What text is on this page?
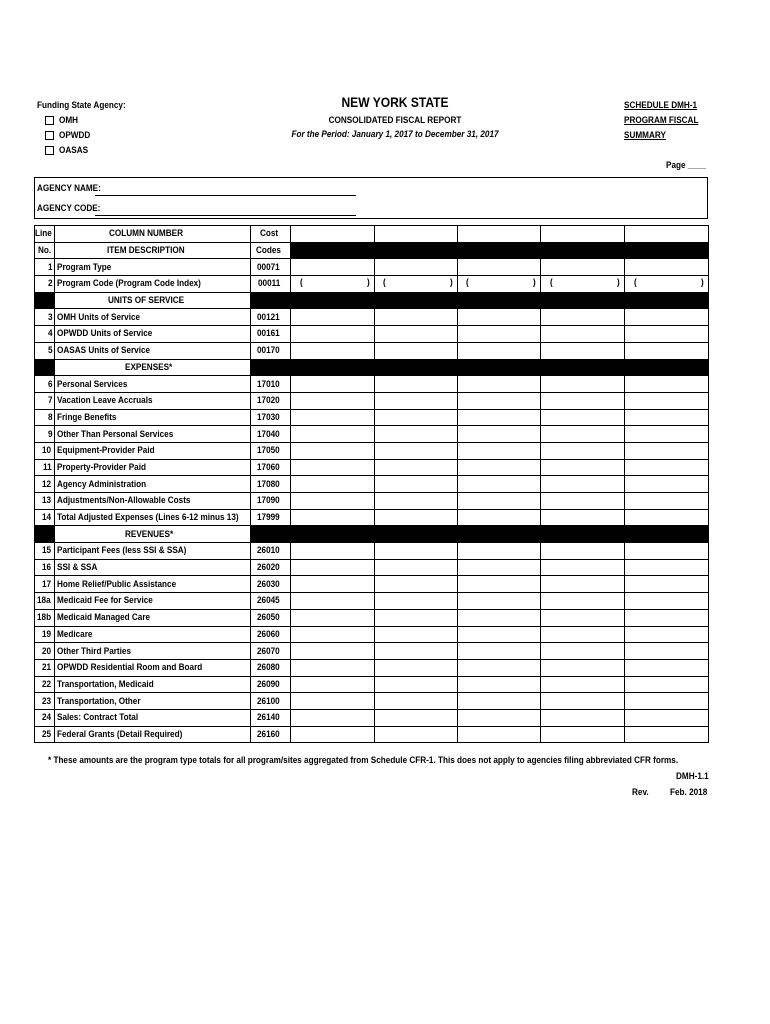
Funding State Agency:
OMH
OPWDD
OASAS
NEW YORK STATE
CONSOLIDATED FISCAL REPORT
For the Period: January 1, 2017 to December 31, 2017
SCHEDULE DMH-1
PROGRAM FISCAL
SUMMARY
Page ____
AGENCY NAME:
AGENCY CODE:
Line	COLUMN NUMBER	Cost					
No.	ITEM DESCRIPTION	Codes					
1	Program Type	00071					
2	Program Code (Program Code Index)	00011	( )	( )	( )	( )	( )

	UNITS OF SERVICE						
3	OMH Units of Service	00121					
4	OPWDD Units of Service	00161					
5	OASAS Units of Service	00170					
	EXPENSES*						
6	Personal Services	17010					
7	Vacation Leave Accruals	17020					
8	Fringe Benefits	17030					
9	Other Than Personal Services	17040					
10	Equipment-Provider Paid	17050					
11	Property-Provider Paid	17060					
12	Agency Administration	17080					
13	Adjustments/Non-Allowable Costs	17090					
14	Total Adjusted Expenses (Lines 6-12 minus 13)	17999					
	REVENUES*						
15	Participant Fees (less SSI & SSA)	26010					
16	SSI & SSA	26020					
17	Home Relief/Public Assistance	26030					
18a	Medicaid Fee for Service	26045					
18b	Medicaid Managed Care	26050					
19	Medicare	26060					
20	Other Third Parties	26070					
21	OPWDD Residential Room and Board	26080					
22	Transportation, Medicaid	26090					
23	Transportation, Other	26100					
24	Sales: Contract Total	26140					
25	Federal Grants (Detail Required)	26160					
* These amounts are the program type totals for all program/sites aggregated from Schedule CFR-1. This does not apply to agencies filing abbreviated CFR forms.
DMH-1.1
Rev. Feb. 2018
